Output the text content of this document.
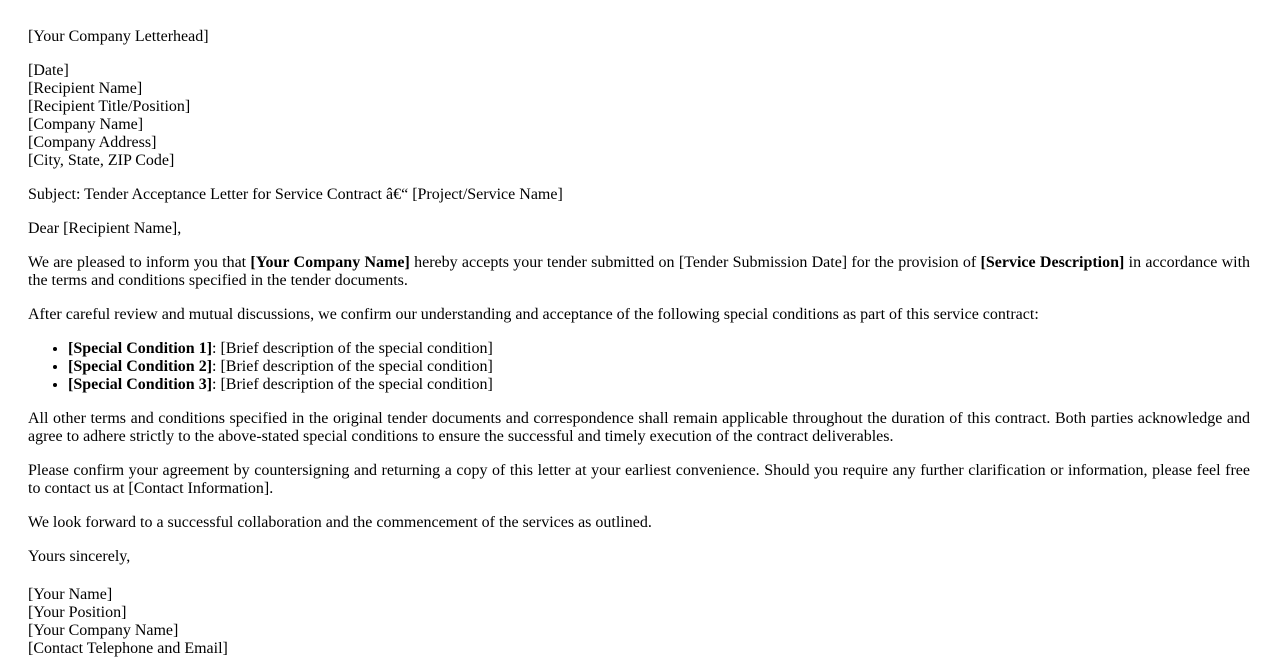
[Your Company Letterhead]

[Date]
[Recipient Name]
[Recipient Title/Position]
[Company Name]
[Company Address]
[City, State, ZIP Code]

Subject: Tender Acceptance Letter for Service Contract â€“ [Project/Service Name]

Dear [Recipient Name],

We are pleased to inform you that [Your Company Name] hereby accepts your tender submitted on [Tender Submission Date] for the provision of [Service Description] in accordance with the terms and conditions specified in the tender documents.

After careful review and mutual discussions, we confirm our understanding and acceptance of the following special conditions as part of this service contract:

• [Special Condition 1]: [Brief description of the special condition]
• [Special Condition 2]: [Brief description of the special condition]
• [Special Condition 3]: [Brief description of the special condition]

All other terms and conditions specified in the original tender documents and correspondence shall remain applicable throughout the duration of this contract. Both parties acknowledge and agree to adhere strictly to the above-stated special conditions to ensure the successful and timely execution of the contract deliverables.

Please confirm your agreement by countersigning and returning a copy of this letter at your earliest convenience. Should you require any further clarification or information, please feel free to contact us at [Contact Information].

We look forward to a successful collaboration and the commencement of the services as outlined.

Yours sincerely,

[Your Name]
[Your Position]
[Your Company Name]
[Contact Telephone and Email]
